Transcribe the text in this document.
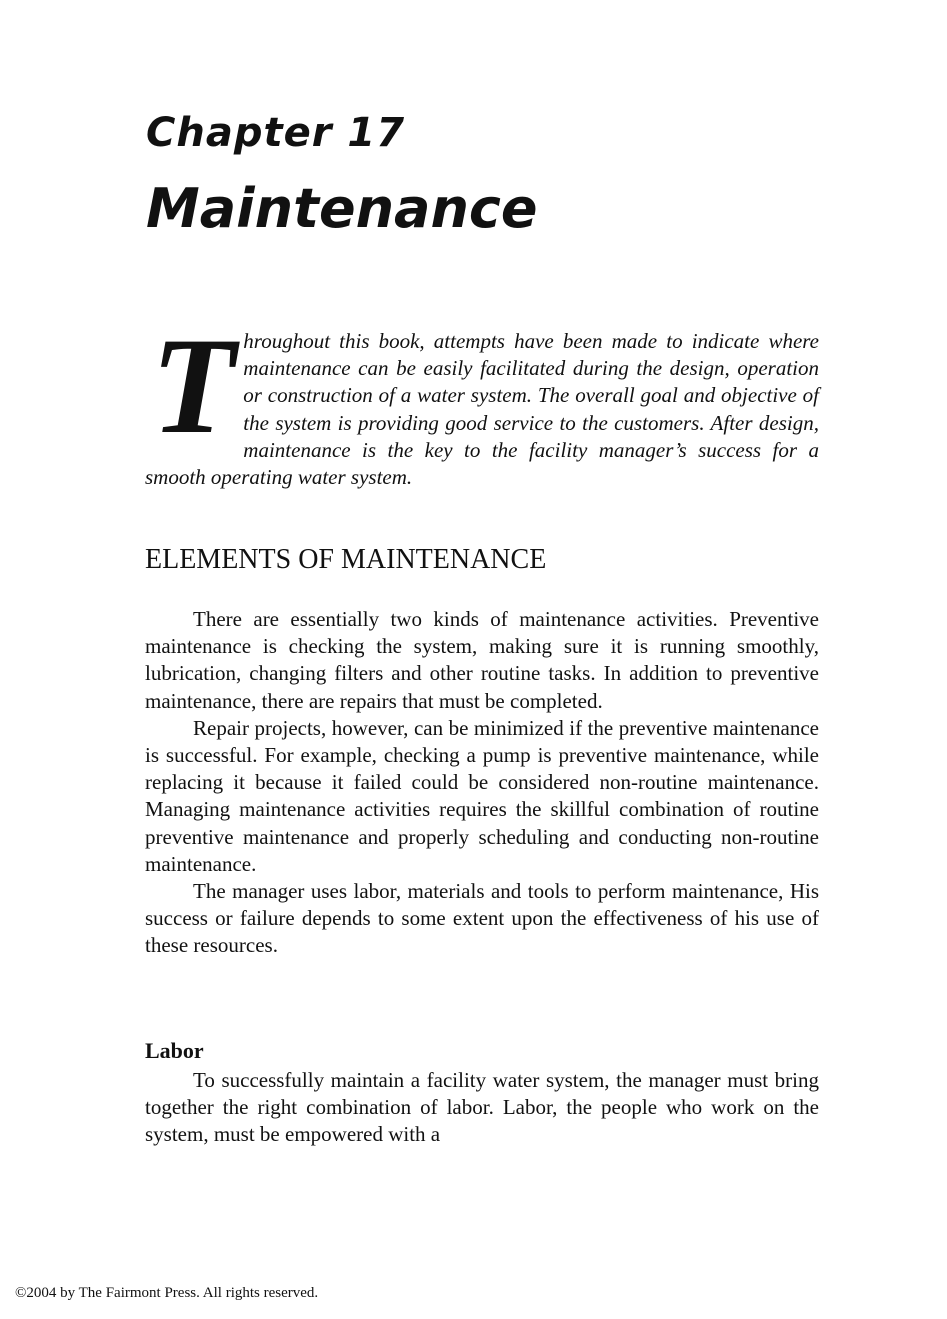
Chapter 17
Maintenance

Throughout this book, attempts have been made to indicate where maintenance can be easily facilitated during the design, operation or construction of a water system. The overall goal and objective of the system is providing good service to the customers. After design, maintenance is the key to the facility manager’s success for a smooth operating water system.

ELEMENTS OF MAINTENANCE

There are essentially two kinds of maintenance activities. Preventive maintenance is checking the system, making sure it is running smoothly, lubrication, changing filters and other routine tasks. In addition to preventive maintenance, there are repairs that must be completed.

Repair projects, however, can be minimized if the preventive maintenance is successful. For example, checking a pump is preventive maintenance, while replacing it because it failed could be considered non-routine maintenance. Managing maintenance activities requires the skillful combination of routine preventive maintenance and properly scheduling and conducting non-routine maintenance.

The manager uses labor, materials and tools to perform maintenance, His success or failure depends to some extent upon the effectiveness of his use of these resources.

Labor

To successfully maintain a facility water system, the manager must bring together the right combination of labor. Labor, the people who work on the system, must be empowered with a

©2004 by The Fairmont Press. All rights reserved.
